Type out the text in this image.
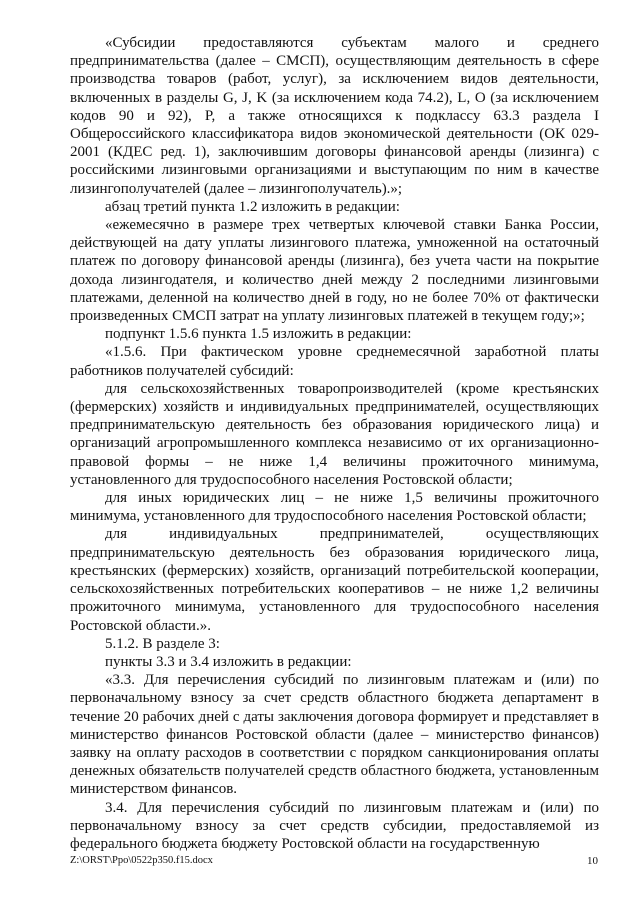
«Субсидии предоставляются субъектам малого и среднего предпринимательства (далее – СМСП), осуществляющим деятельность в сфере производства товаров (работ, услуг), за исключением видов деятельности, включенных в разделы G, J, K (за исключением кода 74.2), L, O (за исключением кодов 90 и 92), P, а также относящихся к подклассу 63.3 раздела I Общероссийского классификатора видов экономической деятельности (ОК 029-2001 (КДЕС ред. 1), заключившим договоры финансовой аренды (лизинга) с российскими лизинговыми организациями и выступающим по ним в качестве лизингополучателей (далее – лизингополучатель).»;

абзац третий пункта 1.2 изложить в редакции:

«ежемесячно в размере трех четвертых ключевой ставки Банка России, действующей на дату уплаты лизингового платежа, умноженной на остаточный платеж по договору финансовой аренды (лизинга), без учета части на покрытие дохода лизингодателя, и количество дней между 2 последними лизинговыми платежами, деленной на количество дней в году, но не более 70% от фактически произведенных СМСП затрат на уплату лизинговых платежей в текущем году;»;

подпункт 1.5.6 пункта 1.5 изложить в редакции:

«1.5.6. При фактическом уровне среднемесячной заработной платы работников получателей субсидий:

для сельскохозяйственных товаропроизводителей (кроме крестьянских (фермерских) хозяйств и индивидуальных предпринимателей, осуществляющих предпринимательскую деятельность без образования юридического лица) и организаций агропромышленного комплекса независимо от их организационно-правовой формы – не ниже 1,4 величины прожиточного минимума, установленного для трудоспособного населения Ростовской области;

для иных юридических лиц – не ниже 1,5 величины прожиточного минимума, установленного для трудоспособного населения Ростовской области;

для индивидуальных предпринимателей, осуществляющих предпринимательскую деятельность без образования юридического лица, крестьянских (фермерских) хозяйств, организаций потребительской кооперации, сельскохозяйственных потребительских кооперативов – не ниже 1,2 величины прожиточного минимума, установленного для трудоспособного населения Ростовской области.».

5.1.2. В разделе 3:

пункты 3.3 и 3.4 изложить в редакции:

«3.3. Для перечисления субсидий по лизинговым платежам и (или) по первоначальному взносу за счет средств областного бюджета департамент в течение 20 рабочих дней с даты заключения договора формирует и представляет в министерство финансов Ростовской области (далее – министерство финансов) заявку на оплату расходов в соответствии с порядком санкционирования оплаты денежных обязательств получателей средств областного бюджета, установленным министерством финансов.

3.4. Для перечисления субсидий по лизинговым платежам и (или) по первоначальному взносу за счет средств субсидии, предоставляемой из федерального бюджета бюджету Ростовской области на государственную

Z:\ORST\Ppo\0522p350.f15.docx	10
